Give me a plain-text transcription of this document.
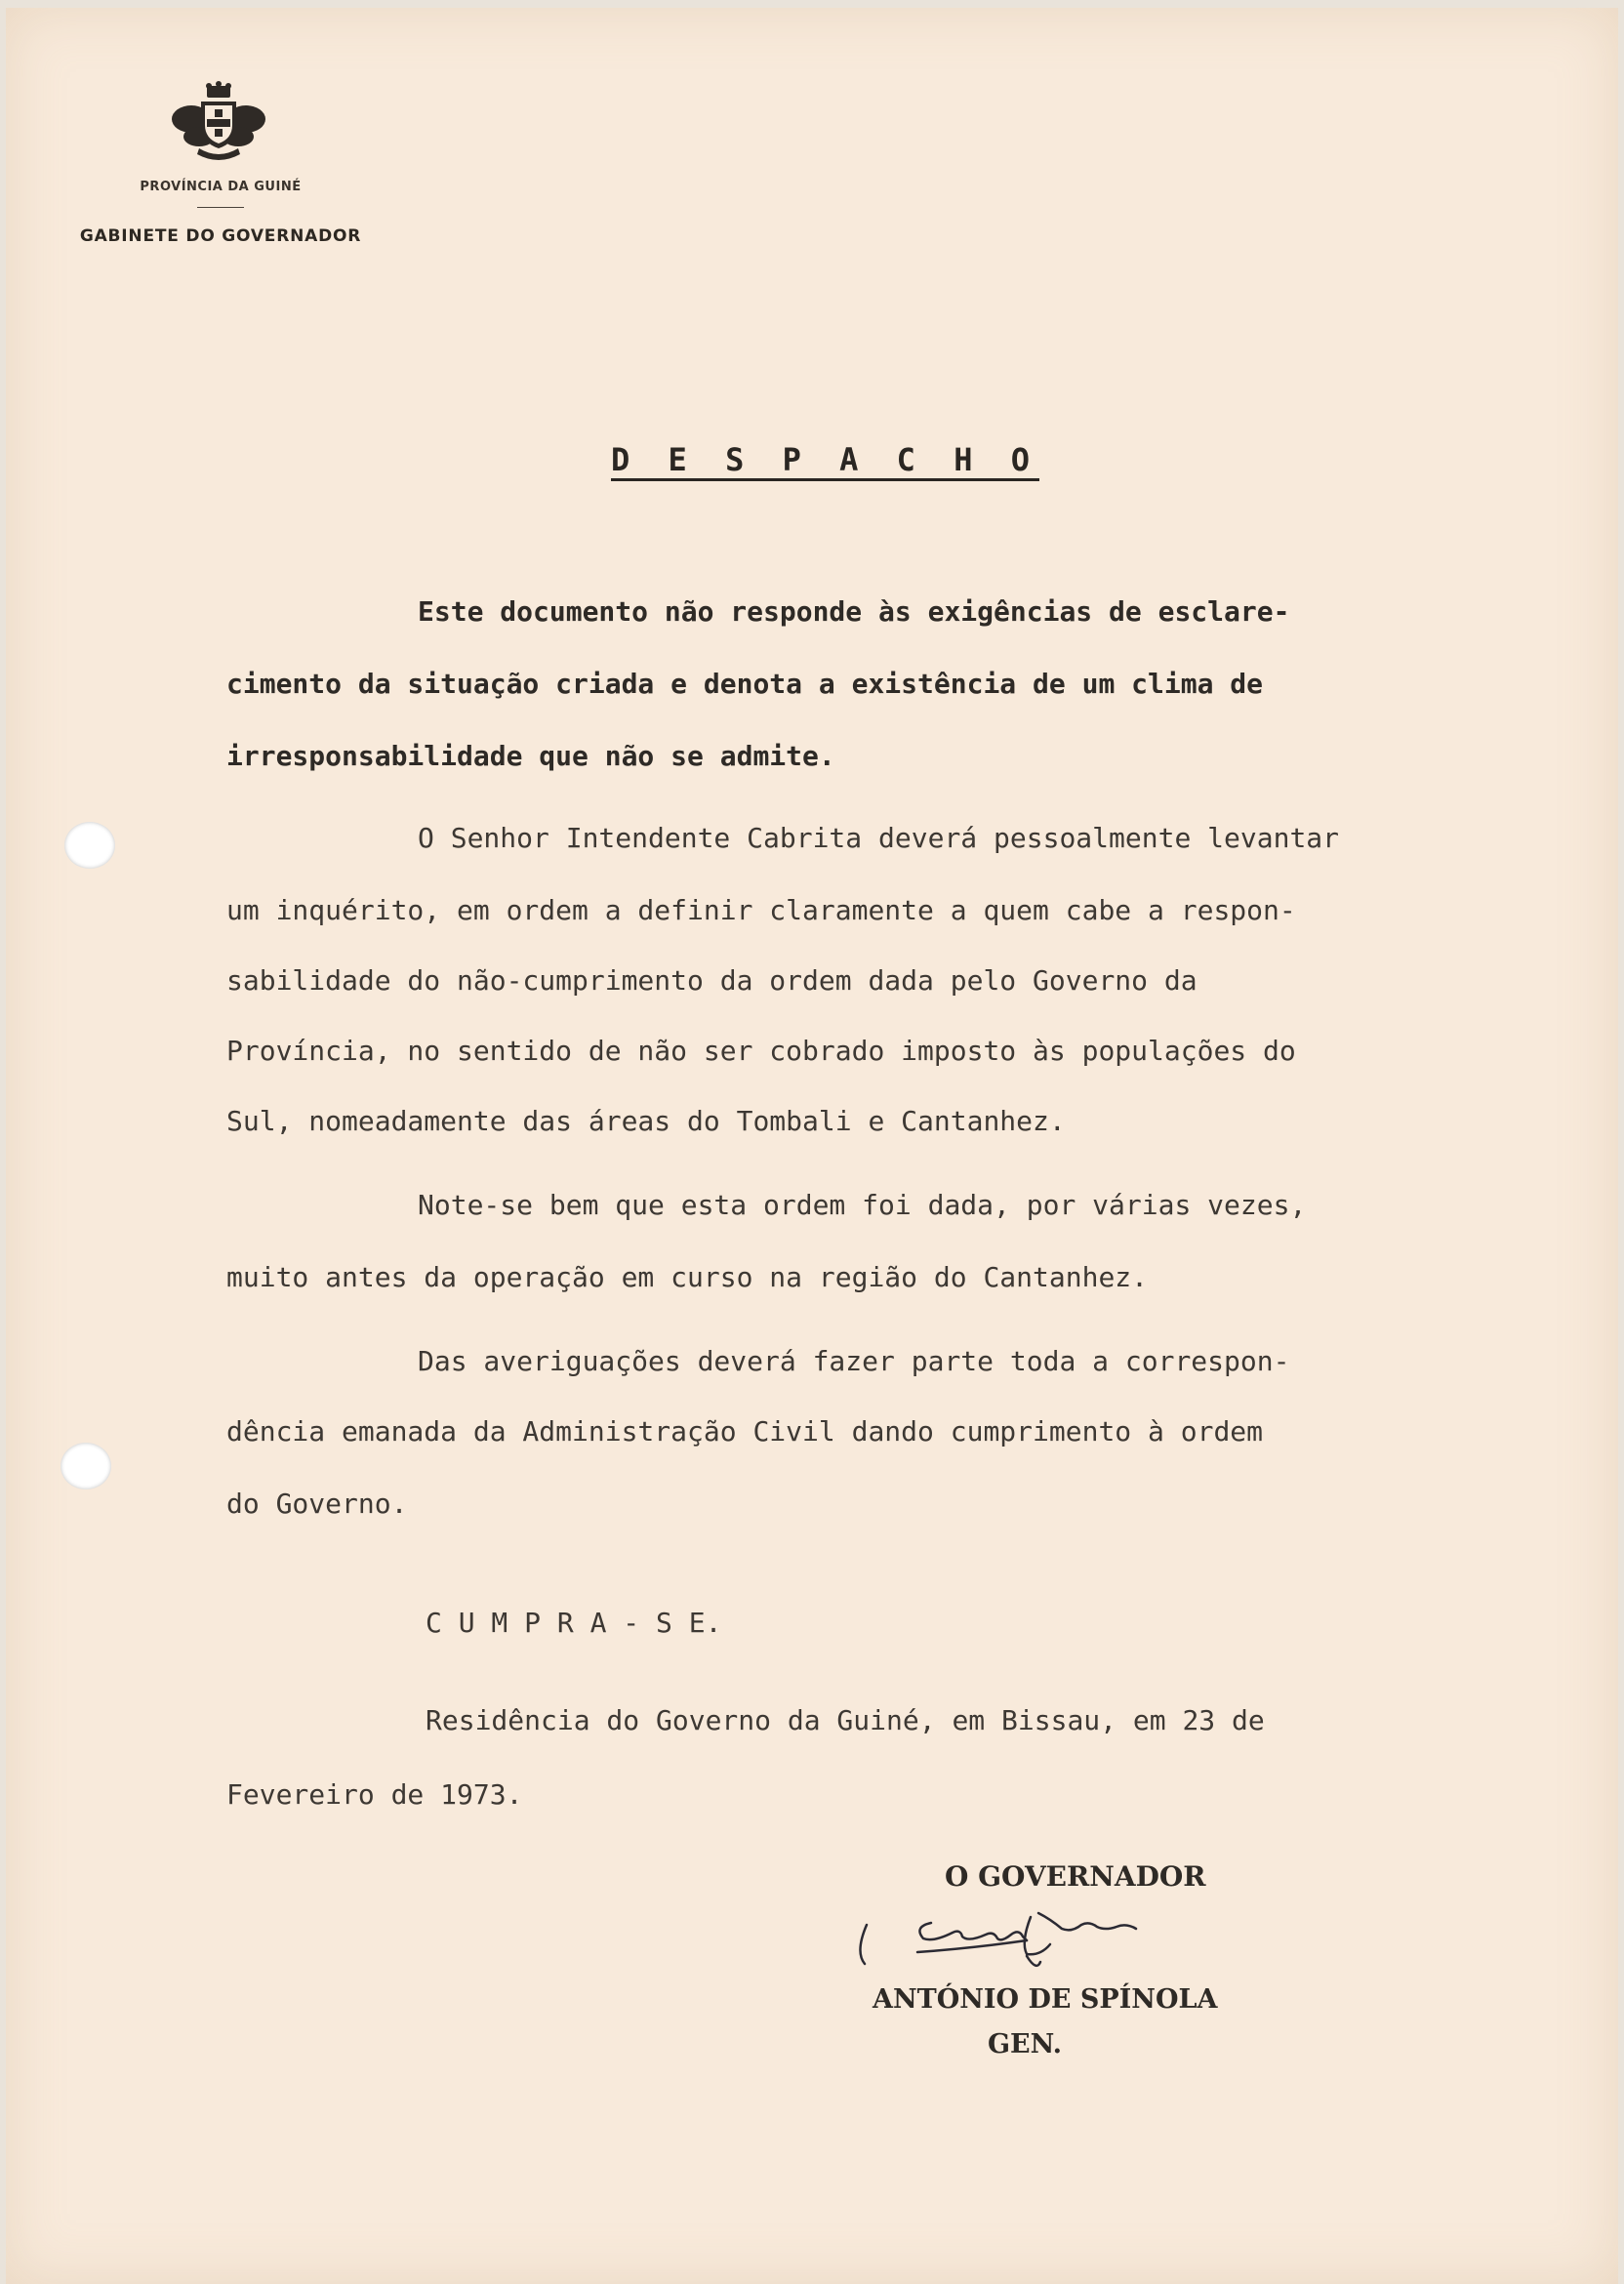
PROVÍNCIA DA GUINÉ
GABINETE DO GOVERNADOR
D E S P A C H O
Este documento não responde às exigências de esclare-
cimento da situação criada e denota a existência de um clima de
irresponsabilidade que não se admite.
O Senhor Intendente Cabrita deverá pessoalmente levantar
um inquérito, em ordem a definir claramente a quem cabe a respon-
sabilidade do não-cumprimento da ordem dada pelo Governo da
Província, no sentido de não ser cobrado imposto às populações do
Sul, nomeadamente das áreas do Tombali e Cantanhez.
Note-se bem que esta ordem foi dada, por várias vezes,
muito antes da operação em curso na região do Cantanhez.
Das averiguações deverá fazer parte toda a correspon-
dência emanada da Administração Civil dando cumprimento à ordem
do Governo.
C U M P R A - S E.
Residência do Governo da Guiné, em Bissau, em 23 de
Fevereiro de 1973.
O GOVERNADOR
ANTÓNIO DE SPÍNOLA
GEN.
